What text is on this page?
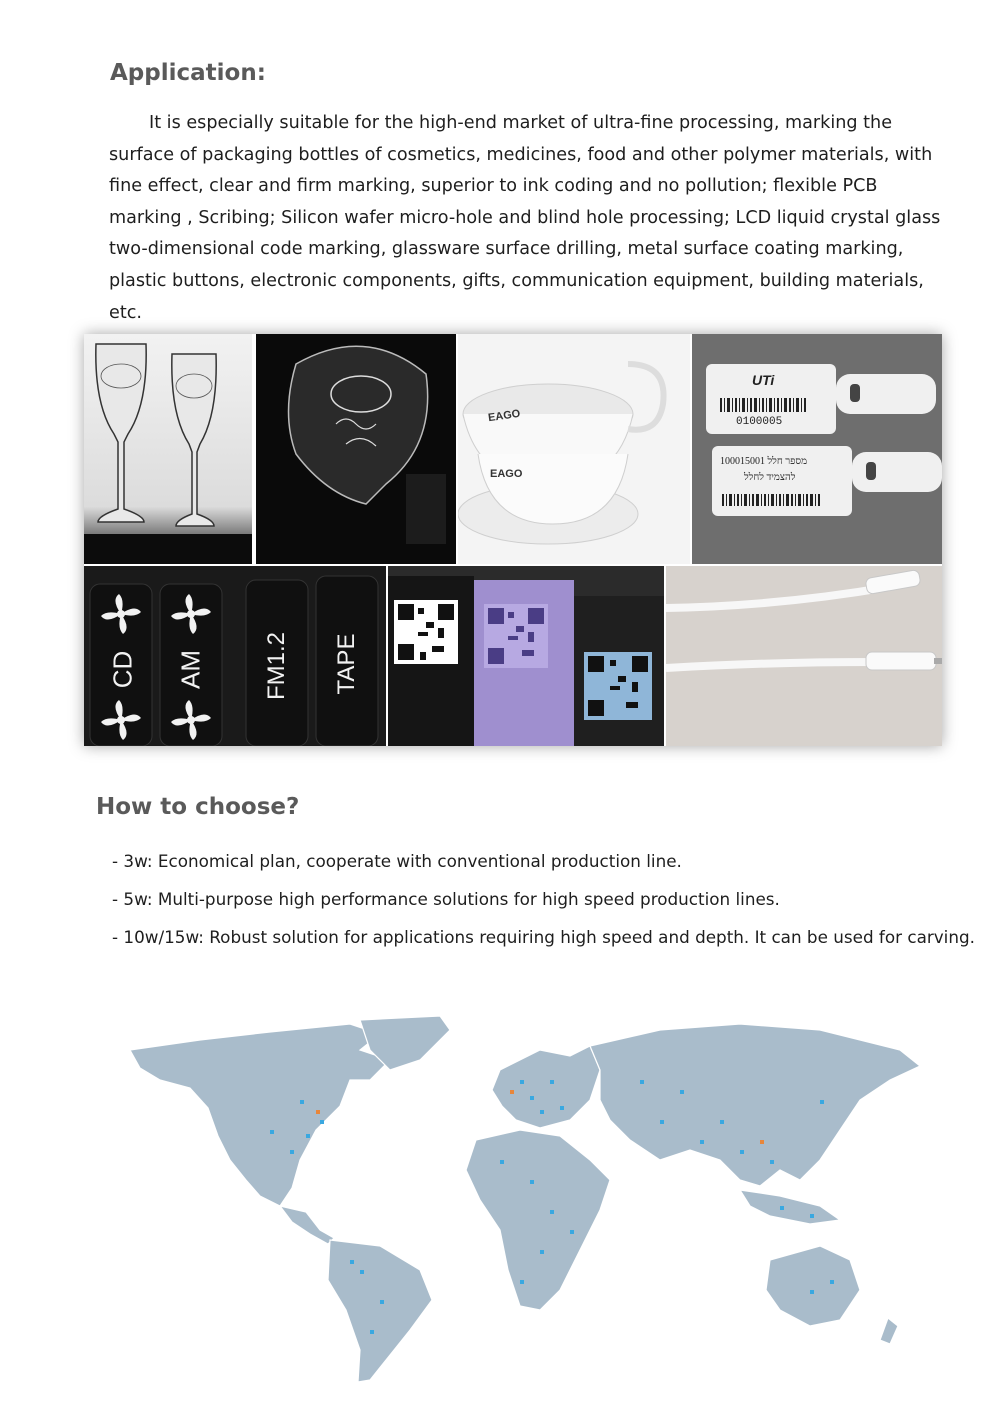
Application:

It is especially suitable for the high-end market of ultra-fine processing, marking the surface of packaging bottles of cosmetics, medicines, food and other polymer materials, with fine effect, clear and firm marking, superior to ink coding and no pollution; flexible PCB marking , Scribing; Silicon wafer micro-hole and blind hole processing; LCD liquid crystal glass two-dimensional code marking, glassware surface drilling, metal surface coating marking, plastic buttons, electronic components, gifts, communication equipment, building materials, etc.

EAGO
EAGO
UTi
0100005
100015001 מספר חלל
להצמיד לחלל
CD AM FM1.2 TAPE
How to choose?
- 3w: Economical plan, cooperate with conventional production line.
- 5w: Multi-purpose high performance solutions for high speed production lines.
- 10w/15w: Robust solution for applications requiring high speed and depth. It can be used for carving.
